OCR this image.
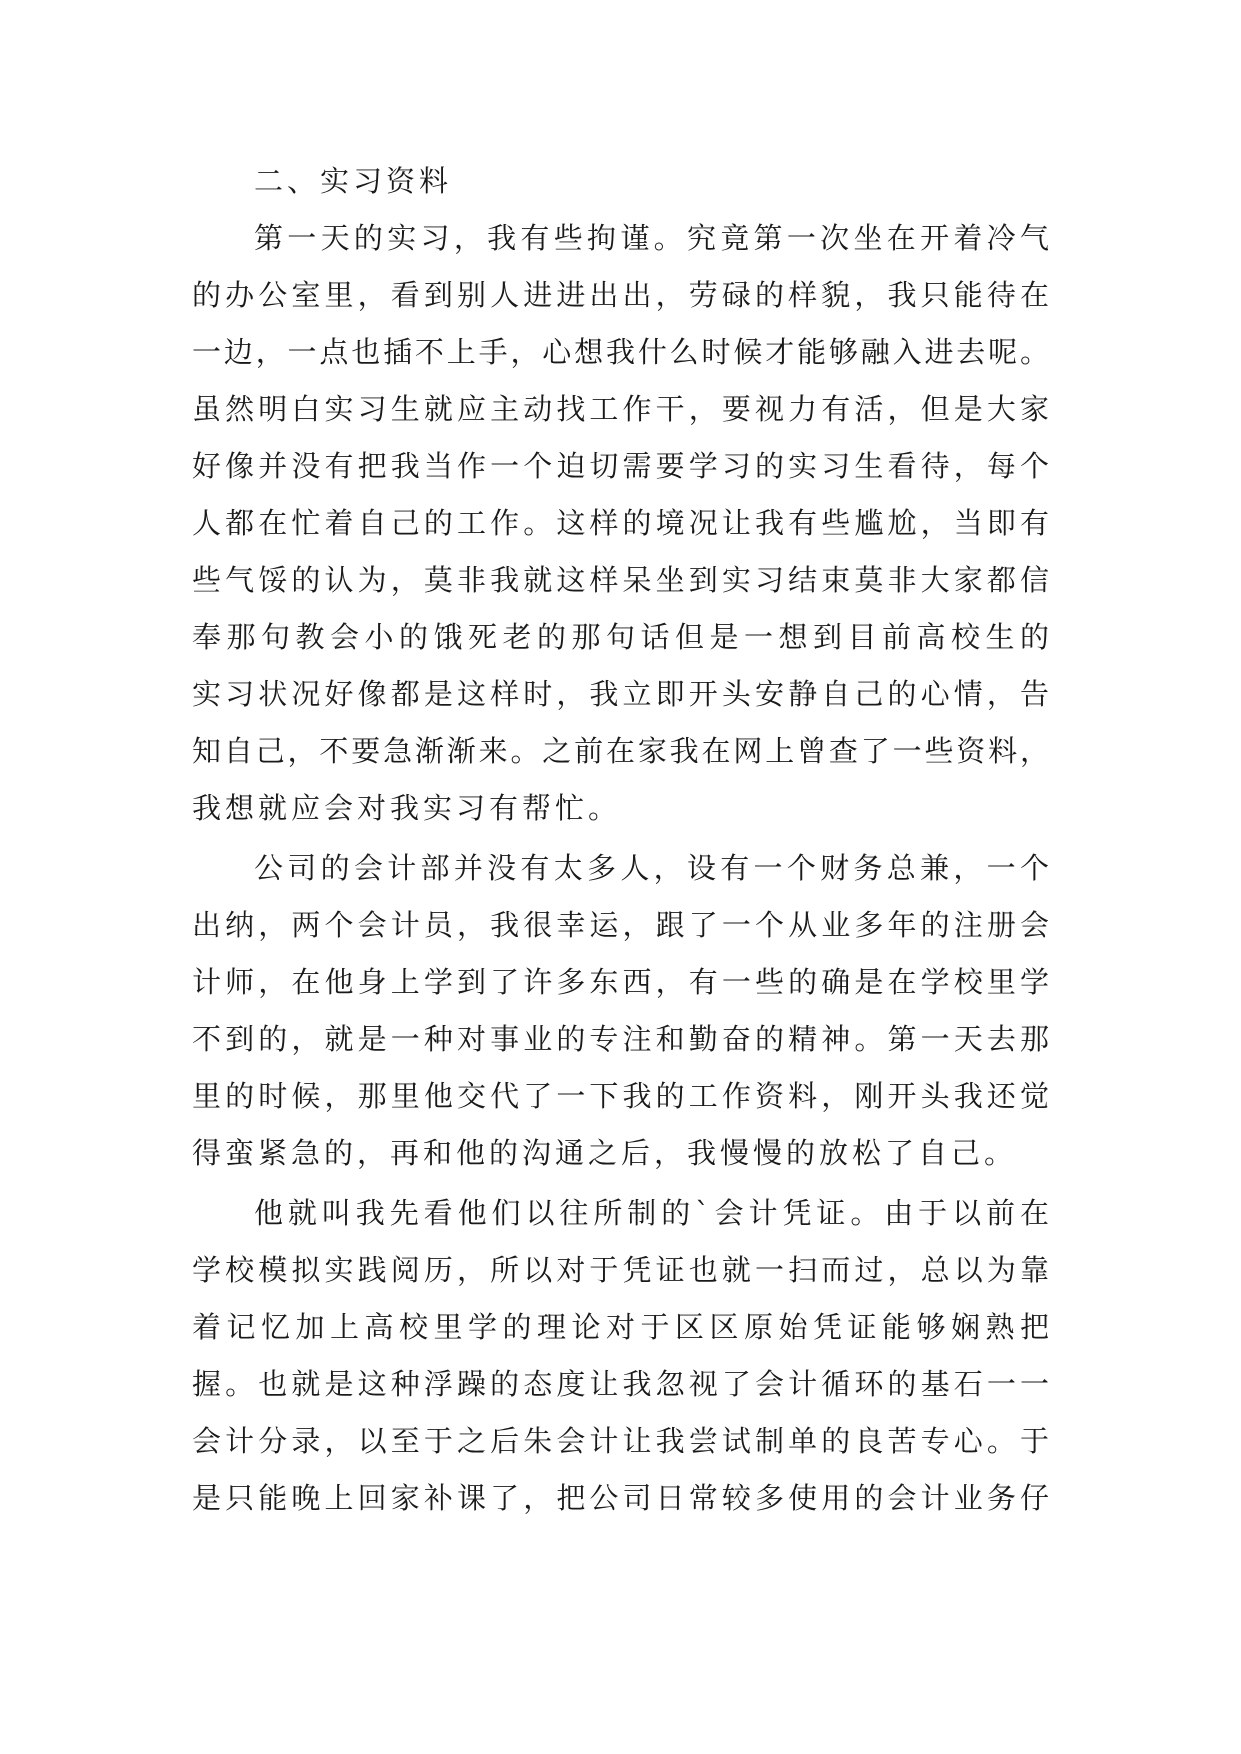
二、实习资料
第一天的实习，我有些拘谨。究竟第一次坐在开着冷气
的办公室里，看到别人进进出出，劳碌的样貌，我只能待在
一边，一点也插不上手，心想我什么时候才能够融入进去呢。
虽然明白实习生就应主动找工作干，要视力有活，但是大家
好像并没有把我当作一个迫切需要学习的实习生看待，每个
人都在忙着自己的工作。这样的境况让我有些尴尬，当即有
些气馁的认为，莫非我就这样呆坐到实习结束莫非大家都信
奉那句教会小的饿死老的那句话但是一想到目前高校生的
实习状况好像都是这样时，我立即开头安静自己的心情，告
知自己，不要急渐渐来。之前在家我在网上曾查了一些资料，
我想就应会对我实习有帮忙。
公司的会计部并没有太多人，设有一个财务总兼，一个
出纳，两个会计员，我很幸运，跟了一个从业多年的注册会
计师，在他身上学到了许多东西，有一些的确是在学校里学
不到的，就是一种对事业的专注和勤奋的精神。第一天去那
里的时候，那里他交代了一下我的工作资料，刚开头我还觉
得蛮紧急的，再和他的沟通之后，我慢慢的放松了自己。
他就叫我先看他们以往所制的`会计凭证。由于以前在
学校模拟实践阅历，所以对于凭证也就一扫而过，总以为靠
着记忆加上高校里学的理论对于区区原始凭证能够娴熟把
握。也就是这种浮躁的态度让我忽视了会计循环的基石一一
会计分录，以至于之后朱会计让我尝试制单的良苦专心。于
是只能晚上回家补课了，把公司日常较多使用的会计业务仔
